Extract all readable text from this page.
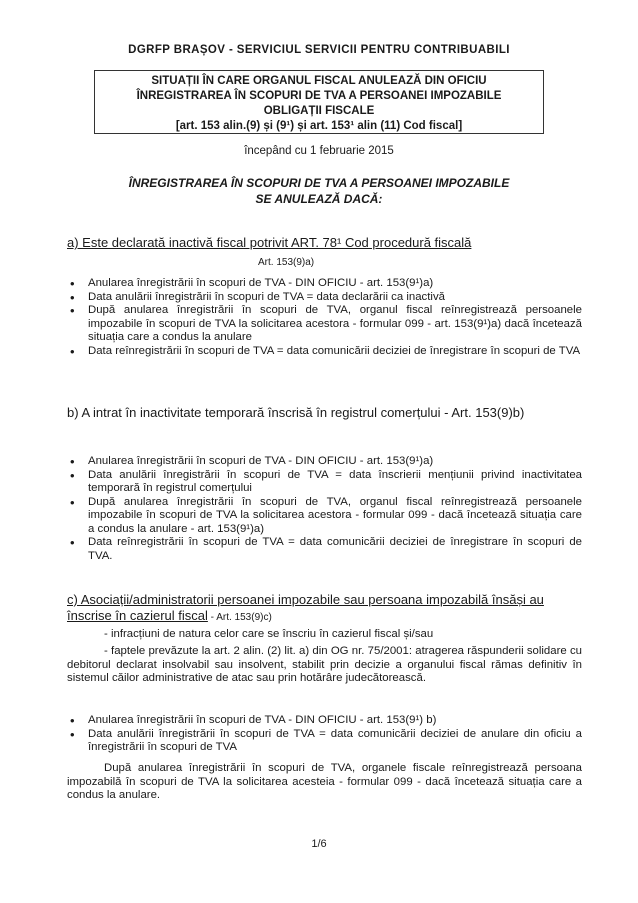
DGRFP BRAȘOV - SERVICIUL SERVICII PENTRU CONTRIBUABILI
SITUAȚII ÎN CARE ORGANUL FISCAL ANULEAZĂ DIN OFICIU
ÎNREGISTRAREA ÎN SCOPURI DE TVA A PERSOANEI IMPOZABILE
OBLIGAȚII FISCALE
[art. 153 alin.(9) și (9¹) și art. 153¹ alin (11) Cod fiscal]
începând cu 1 februarie 2015
ÎNREGISTRAREA ÎN SCOPURI DE TVA A PERSOANEI IMPOZABILE
SE ANULEAZĂ DACĂ:
a) Este declarată inactivă fiscal potrivit ART. 78¹ Cod procedură fiscală
Art. 153(9)a)
• Anularea înregistrării în scopuri de TVA - DIN OFICIU - art. 153(9¹)a)
• Data anulării înregistrării în scopuri de TVA = data declarării ca inactivă
• După anularea înregistrării în scopuri de TVA, organul fiscal reînregistrează persoanele impozabile în scopuri de TVA la solicitarea acestora - formular 099 - art. 153(9¹)a) dacă încetează situația care a condus la anulare
• Data reînregistrării în scopuri de TVA = data comunicării deciziei de înregistrare în scopuri de TVA
b) A intrat în inactivitate temporară înscrisă în registrul comerțului - Art. 153(9)b)
• Anularea înregistrării în scopuri de TVA - DIN OFICIU - art. 153(9¹)a)
• Data anulării înregistrării în scopuri de TVA = data înscrierii mențiunii privind inactivitatea temporară în registrul comerțului
• După anularea înregistrării în scopuri de TVA, organul fiscal reînregistrează persoanele impozabile în scopuri de TVA la solicitarea acestora - formular 099 - dacă încetează situația care a condus la anulare - art. 153(9¹)a)
• Data reînregistrării în scopuri de TVA = data comunicării deciziei de înregistrare în scopuri de TVA.
c) Asociații/administratorii persoanei impozabile sau persoana impozabilă însăși au înscrise în cazierul fiscal - Art. 153(9)c)
- infracțiuni de natura celor care se înscriu în cazierul fiscal și/sau
- faptele prevăzute la art. 2 alin. (2) lit. a) din OG nr. 75/2001: atragerea răspunderii solidare cu debitorul declarat insolvabil sau insolvent, stabilit prin decizie a organului fiscal rămas definitiv în sistemul căilor administrative de atac sau prin hotărâre judecătorească.
• Anularea înregistrării în scopuri de TVA - DIN OFICIU - art. 153(9¹) b)
• Data anulării înregistrării în scopuri de TVA = data comunicării deciziei de anulare din oficiu a înregistrării în scopuri de TVA
După anularea înregistrării în scopuri de TVA, organele fiscale reînregistrează persoana impozabilă în scopuri de TVA la solicitarea acesteia - formular 099 - dacă încetează situația care a condus la anulare.
1/6
